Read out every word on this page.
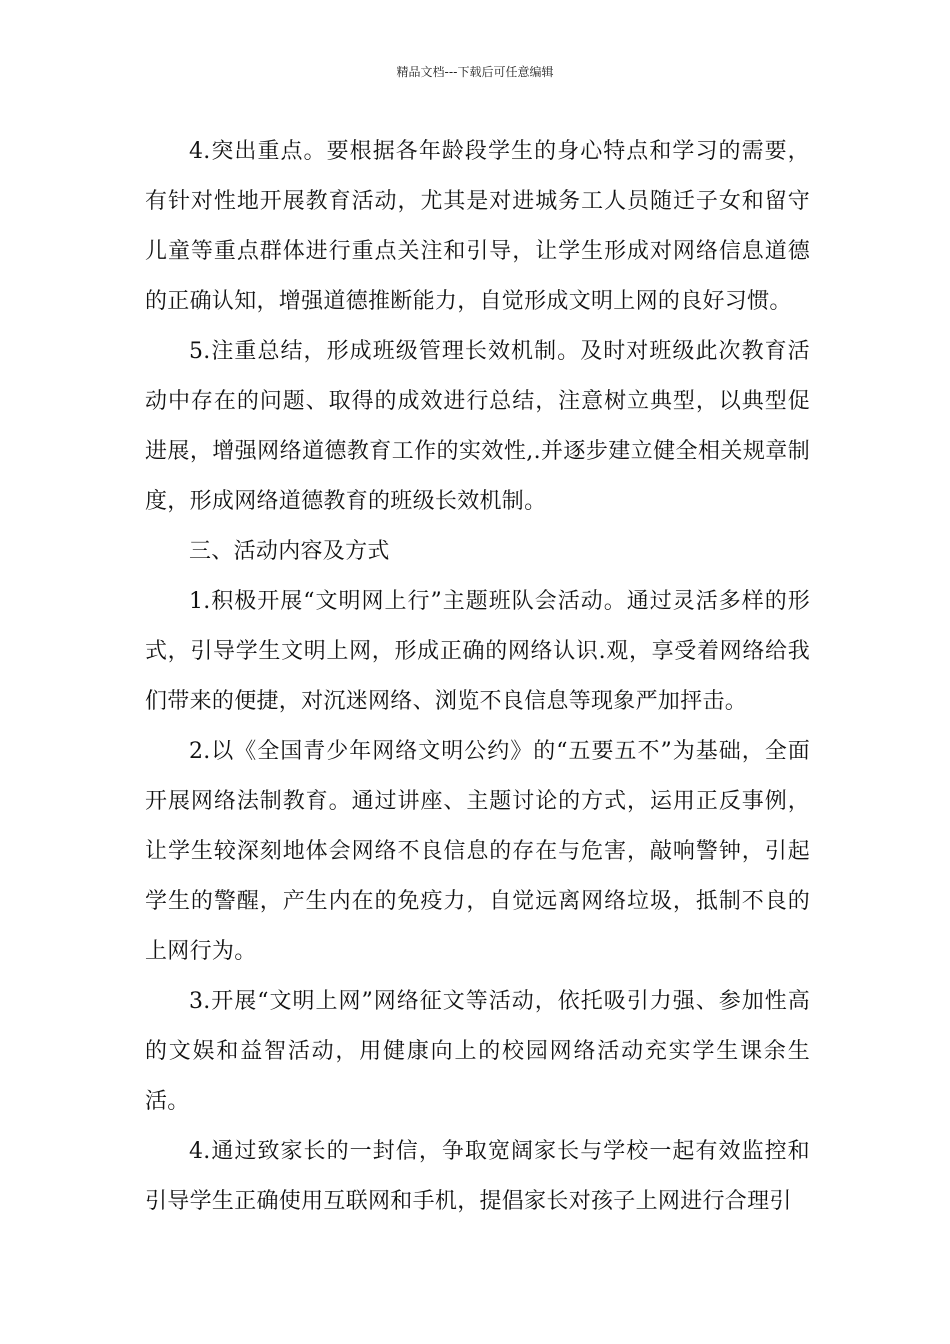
精品文档---下载后可任意编辑

4.突出重点。要根据各年龄段学生的身心特点和学习的需要，有针对性地开展教育活动，尤其是对进城务工人员随迁子女和留守儿童等重点群体进行重点关注和引导，让学生形成对网络信息道德的正确认知，增强道德推断能力，自觉形成文明上网的良好习惯。

5.注重总结，形成班级管理长效机制。及时对班级此次教育活动中存在的问题、取得的成效进行总结，注意树立典型，以典型促进展，增强网络道德教育工作的实效性,.并逐步建立健全相关规章制度，形成网络道德教育的班级长效机制。

三、活动内容及方式

1.积极开展“文明网上行”主题班队会活动。通过灵活多样的形式，引导学生文明上网，形成正确的网络认识.观，享受着网络给我们带来的便捷，对沉迷网络、浏览不良信息等现象严加抨击。

2.以《全国青少年网络文明公约》的“五要五不”为基础，全面开展网络法制教育。通过讲座、主题讨论的方式，运用正反事例，让学生较深刻地体会网络不良信息的存在与危害，敲响警钟，引起学生的警醒，产生内在的免疫力，自觉远离网络垃圾，抵制不良的上网行为。

3.开展“文明上网”网络征文等活动，依托吸引力强、参加性高的文娱和益智活动，用健康向上的校园网络活动充实学生课余生活。

4.通过致家长的一封信，争取宽阔家长与学校一起有效监控和引导学生正确使用互联网和手机，提倡家长对孩子上网进行合理引
